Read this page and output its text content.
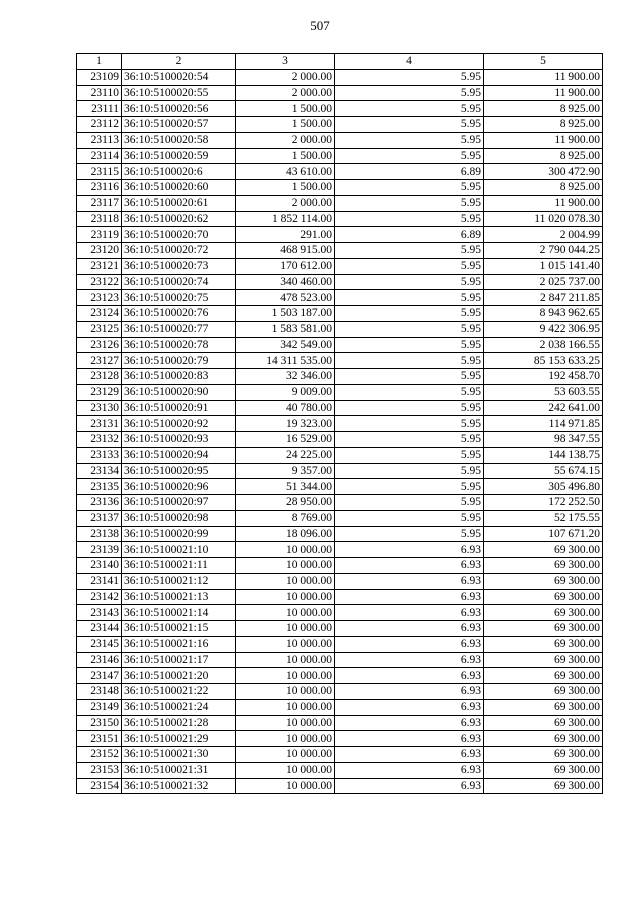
507
1	2	3	4	5
23109	36:10:5100020:54	2 000.00	5.95	11 900.00
23110	36:10:5100020:55	2 000.00	5.95	11 900.00
23111	36:10:5100020:56	1 500.00	5.95	8 925.00
23112	36:10:5100020:57	1 500.00	5.95	8 925.00
23113	36:10:5100020:58	2 000.00	5.95	11 900.00
23114	36:10:5100020:59	1 500.00	5.95	8 925.00
23115	36:10:5100020:6	43 610.00	6.89	300 472.90
23116	36:10:5100020:60	1 500.00	5.95	8 925.00
23117	36:10:5100020:61	2 000.00	5.95	11 900.00
23118	36:10:5100020:62	1 852 114.00	5.95	11 020 078.30
23119	36:10:5100020:70	291.00	6.89	2 004.99
23120	36:10:5100020:72	468 915.00	5.95	2 790 044.25
23121	36:10:5100020:73	170 612.00	5.95	1 015 141.40
23122	36:10:5100020:74	340 460.00	5.95	2 025 737.00
23123	36:10:5100020:75	478 523.00	5.95	2 847 211.85
23124	36:10:5100020:76	1 503 187.00	5.95	8 943 962.65
23125	36:10:5100020:77	1 583 581.00	5.95	9 422 306.95
23126	36:10:5100020:78	342 549.00	5.95	2 038 166.55
23127	36:10:5100020:79	14 311 535.00	5.95	85 153 633.25
23128	36:10:5100020:83	32 346.00	5.95	192 458.70
23129	36:10:5100020:90	9 009.00	5.95	53 603.55
23130	36:10:5100020:91	40 780.00	5.95	242 641.00
23131	36:10:5100020:92	19 323.00	5.95	114 971.85
23132	36:10:5100020:93	16 529.00	5.95	98 347.55
23133	36:10:5100020:94	24 225.00	5.95	144 138.75
23134	36:10:5100020:95	9 357.00	5.95	55 674.15
23135	36:10:5100020:96	51 344.00	5.95	305 496.80
23136	36:10:5100020:97	28 950.00	5.95	172 252.50
23137	36:10:5100020:98	8 769.00	5.95	52 175.55
23138	36:10:5100020:99	18 096.00	5.95	107 671.20
23139	36:10:5100021:10	10 000.00	6.93	69 300.00
23140	36:10:5100021:11	10 000.00	6.93	69 300.00
23141	36:10:5100021:12	10 000.00	6.93	69 300.00
23142	36:10:5100021:13	10 000.00	6.93	69 300.00
23143	36:10:5100021:14	10 000.00	6.93	69 300.00
23144	36:10:5100021:15	10 000.00	6.93	69 300.00
23145	36:10:5100021:16	10 000.00	6.93	69 300.00
23146	36:10:5100021:17	10 000.00	6.93	69 300.00
23147	36:10:5100021:20	10 000.00	6.93	69 300.00
23148	36:10:5100021:22	10 000.00	6.93	69 300.00
23149	36:10:5100021:24	10 000.00	6.93	69 300.00
23150	36:10:5100021:28	10 000.00	6.93	69 300.00
23151	36:10:5100021:29	10 000.00	6.93	69 300.00
23152	36:10:5100021:30	10 000.00	6.93	69 300.00
23153	36:10:5100021:31	10 000.00	6.93	69 300.00
23154	36:10:5100021:32	10 000.00	6.93	69 300.00
